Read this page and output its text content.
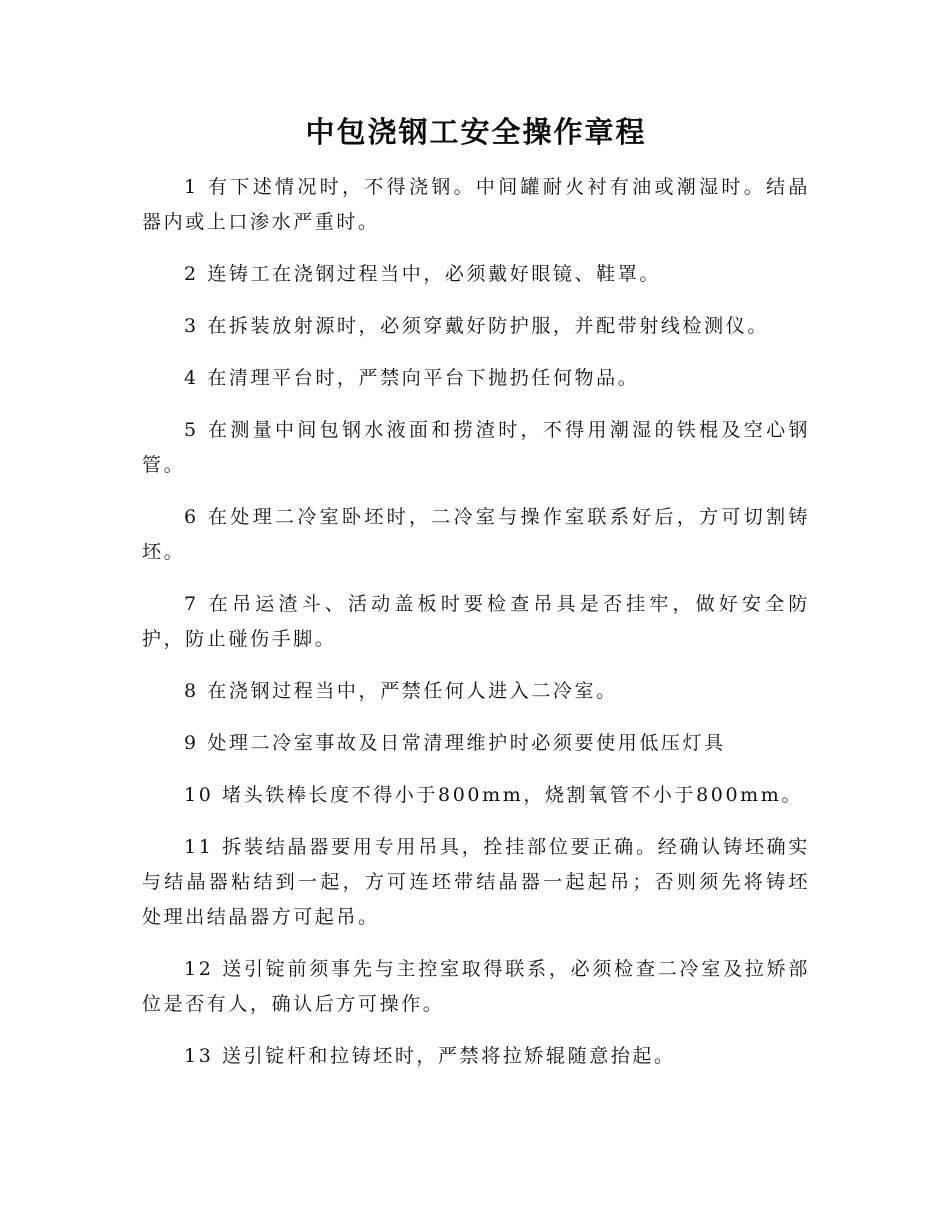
中包浇钢工安全操作章程

1 有下述情况时，不得浇钢。中间罐耐火衬有油或潮湿时。结晶器内或上口渗水严重时。

2 连铸工在浇钢过程当中，必须戴好眼镜、鞋罩。

3 在拆装放射源时，必须穿戴好防护服，并配带射线检测仪。

4 在清理平台时，严禁向平台下抛扔任何物品。

5 在测量中间包钢水液面和捞渣时，不得用潮湿的铁棍及空心钢管。

6 在处理二冷室卧坯时，二冷室与操作室联系好后，方可切割铸坯。

7 在吊运渣斗、活动盖板时要检查吊具是否挂牢，做好安全防护，防止碰伤手脚。

8 在浇钢过程当中，严禁任何人进入二冷室。

9 处理二冷室事故及日常清理维护时必须要使用低压灯具

10 堵头铁棒长度不得小于800mm，烧割氧管不小于800mm。

11 拆装结晶器要用专用吊具，拴挂部位要正确。经确认铸坯确实与结晶器粘结到一起，方可连坯带结晶器一起起吊；否则须先将铸坯处理出结晶器方可起吊。

12 送引锭前须事先与主控室取得联系，必须检查二冷室及拉矫部位是否有人，确认后方可操作。

13 送引锭杆和拉铸坯时，严禁将拉矫辊随意抬起。
